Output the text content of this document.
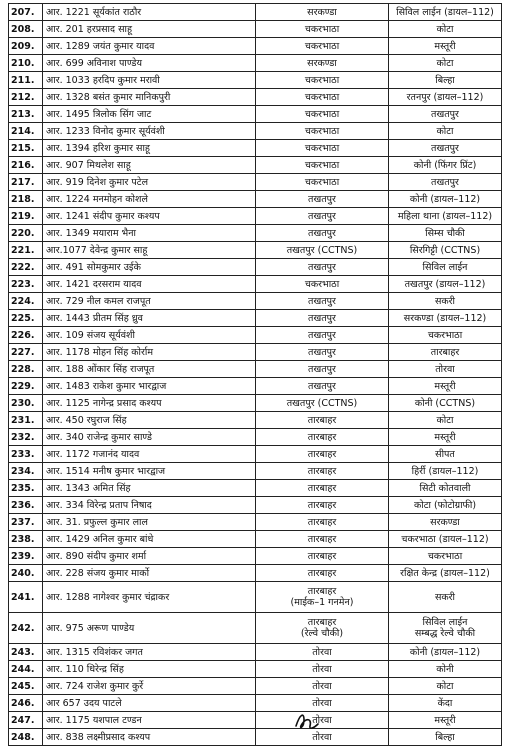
207.	आर. 1221 सूर्यकांत राठौर	सरकण्डा	सिविल लाईन (डायल–112)
208.	आर. 201 हरप्रसाद साहू	चकरभाठा	कोटा
209.	आर. 1289 जयंत कुमार यादव	चकरभाठा	मस्तूरी
210.	आर. 699 अविनाश पाण्डेय	सरकण्डा	कोटा
211.	आर. 1033 हरदिप कुमार मरावी	चकरभाठा	बिल्हा
212.	आर. 1328 बसंत कुमार मानिकपुरी	चकरभाठा	रतनपुर (डायल–112)
213.	आर. 1495 त्रिलोक सिंग जाट	चकरभाठा	तखतपुर
214.	आर. 1233 विनोद कुमार सूर्यवंशी	चकरभाठा	कोटा
215.	आर. 1394 हरिश कुमार साहू	चकरभाठा	तखतपुर
216.	आर. 907 मिथलेश साहू	चकरभाठा	कोनी (फिंगर प्रिंट)
217.	आर. 919 दिनेश कुमार पटेल	चकरभाठा	तखतपुर
218.	आर. 1224 मनमोहन कोशले	तखतपुर	कोनी (डायल–112)
219.	आर. 1241 संदीप कुमार कश्यप	तखतपुर	महिला थाना (डायल–112)
220.	आर. 1349 मयाराम भैना	तखतपुर	सिम्स चौकी
221.	आर.1077 देवेन्द्र कुमार साहू	तखतपुर (CCTNS)	सिरगिट्टी (CCTNS)
222.	आर. 491 सोमकुमार उईके	तखतपुर	सिविल लाईन
223.	आर. 1421 दरसराम यादव	चकरभाठा	तखतपुर (डायल–112)
224.	आर. 729 नील कमल राजपूत	तखतपुर	सकरी
225.	आर. 1443 प्रीतम सिंह ध्रुव	तखतपुर	सरकण्डा (डायल–112)
226.	आर. 109 संजय सूर्यवंशी	तखतपुर	चकरभाठा
227.	आर. 1178 मोहन सिंह कोर्राम	तखतपुर	तारबाहर
228.	आर. 188 ओंकार सिंह राजपूत	तखतपुर	तोरवा
229.	आर. 1483 राकेश कुमार भारद्वाज	तखतपुर	मस्तूरी
230.	आर. 1125 नागेन्द्र प्रसाद कश्यप	तखतपुर (CCTNS)	कोनी (CCTNS)
231.	आर. 450 रघुराज सिंह	तारबाहर	कोटा
232.	आर. 340 राजेन्द्र कुमार साण्डे	तारबाहर	मस्तूरी
233.	आर. 1172 गजानंद यादव	तारबाहर	सीपत
234.	आर. 1514 मनीष कुमार भारद्वाज	तारबाहर	हिर्री (डायल–112)
235.	आर. 1343 अमित सिंह	तारबाहर	सिटी कोतवाली
236.	आर. 334 विरेन्द्र प्रताप निषाद	तारबाहर	कोटा (फोटोग्राफी)
237.	आर. 31. प्रफुल्ल कुमार लाल	तारबाहर	सरकण्डा
238.	आर. 1429 अनिल कुमार बांधे	तारबाहर	चकरभाठा (डायल–112)
239.	आर. 890 संदीप कुमार शर्मा	तारबाहर	चकरभाठा
240.	आर. 228 संजय कुमार मार्को	तारबाहर	रक्षित केन्द्र (डायल–112)
241.	आर. 1288 नागेश्वर कुमार चंद्राकर	तारबाहर
(माईक–1 गनमेन)	सकरी

242.	आर. 975 अरूण पाण्डेय	तारबाहर
(रेल्वे चौकी)	सिविल लाईन
सम्बद्ध रेल्वे चौकी

243.	आर. 1315 रविशंकर जगत	तोरवा	कोनी (डायल–112)
244.	आर. 110 धिरेन्द्र सिंह	तोरवा	कोनी
245.	आर. 724 राजेश कुमार कुर्रे	तोरवा	कोटा
246.	आर 657 उदय पाटले	तोरवा	केंदा
247.	आर. 1175 यशपाल टण्डन	तोरवा	मस्तूरी
248.	आर. 838 लक्ष्मीप्रसाद कश्यप	तोरवा	बिल्हा
